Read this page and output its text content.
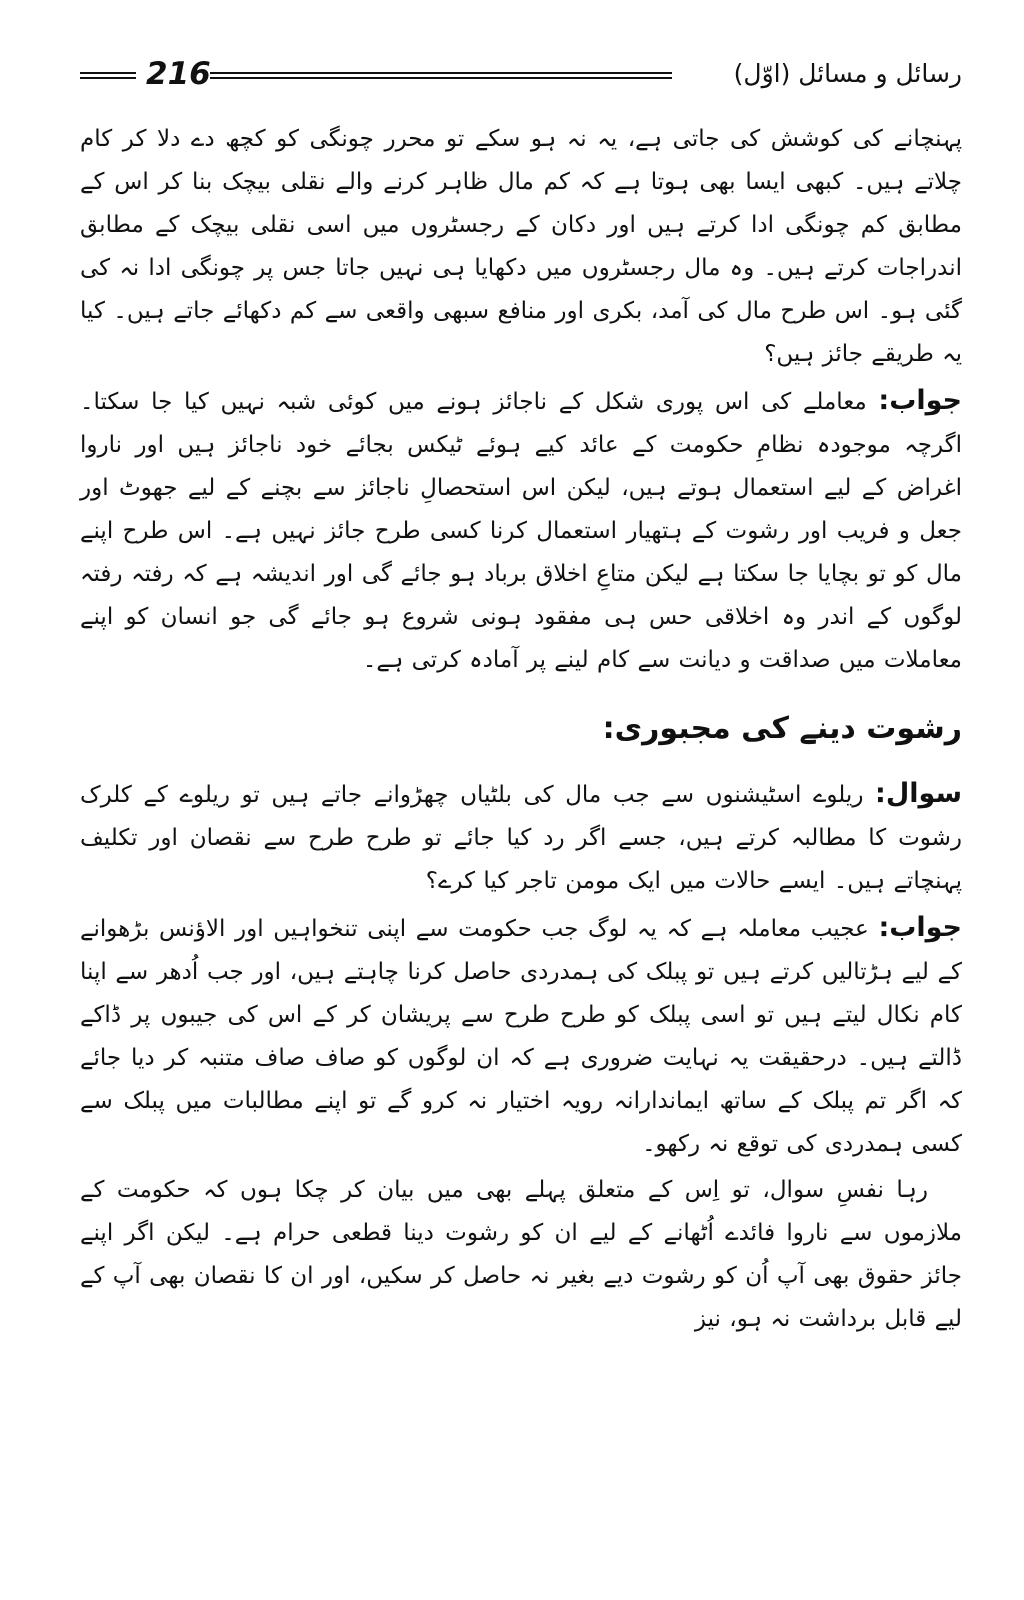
216	رسائل و مسائل (اوّل)

پہنچانے کی کوشش کی جاتی ہے، یہ نہ ہو سکے تو محرر چونگی کو کچھ دے دلا کر کام چلاتے ہیں۔ کبھی ایسا بھی ہوتا ہے کہ کم مال ظاہر کرنے والے نقلی بیچک بنا کر اس کے مطابق کم چونگی ادا کرتے ہیں اور دکان کے رجسٹروں میں اسی نقلی بیچک کے مطابق اندراجات کرتے ہیں۔ وہ مال رجسٹروں میں دکھایا ہی نہیں جاتا جس پر چونگی ادا نہ کی گئی ہو۔ اس طرح مال کی آمد، بکری اور منافع سبھی واقعی سے کم دکھائے جاتے ہیں۔ کیا یہ طریقے جائز ہیں؟

جواب: معاملے کی اس پوری شکل کے ناجائز ہونے میں کوئی شبہ نہیں کیا جا سکتا۔ اگرچہ موجودہ نظامِ حکومت کے عائد کیے ہوئے ٹیکس بجائے خود ناجائز ہیں اور ناروا اغراض کے لیے استعمال ہوتے ہیں، لیکن اس استحصالِ ناجائز سے بچنے کے لیے جھوٹ اور جعل و فریب اور رشوت کے ہتھیار استعمال کرنا کسی طرح جائز نہیں ہے۔ اس طرح اپنے مال کو تو بچایا جا سکتا ہے لیکن متاعِ اخلاق برباد ہو جائے گی اور اندیشہ ہے کہ رفتہ رفتہ لوگوں کے اندر وہ اخلاقی حس ہی مفقود ہونی شروع ہو جائے گی جو انسان کو اپنے معاملات میں صداقت و دیانت سے کام لینے پر آمادہ کرتی ہے۔

رشوت دینے کی مجبوری:

سوال: ریلوے اسٹیشنوں سے جب مال کی بلٹیاں چھڑوانے جاتے ہیں تو ریلوے کے کلرک رشوت کا مطالبہ کرتے ہیں، جسے اگر رد کیا جائے تو طرح طرح سے نقصان اور تکلیف پہنچاتے ہیں۔ ایسے حالات میں ایک مومن تاجر کیا کرے؟

جواب: عجیب معاملہ ہے کہ یہ لوگ جب حکومت سے اپنی تنخواہیں اور الاؤنس بڑھوانے کے لیے ہڑتالیں کرتے ہیں تو پبلک کی ہمدردی حاصل کرنا چاہتے ہیں، اور جب اُدھر سے اپنا کام نکال لیتے ہیں تو اسی پبلک کو طرح طرح سے پریشان کر کے اس کی جیبوں پر ڈاکے ڈالتے ہیں۔ درحقیقت یہ نہایت ضروری ہے کہ ان لوگوں کو صاف صاف متنبہ کر دیا جائے کہ اگر تم پبلک کے ساتھ ایماندارانہ رویہ اختیار نہ کرو گے تو اپنے مطالبات میں پبلک سے کسی ہمدردی کی توقع نہ رکھو۔

رہا نفسِ سوال، تو اِس کے متعلق پہلے بھی میں بیان کر چکا ہوں کہ حکومت کے ملازموں سے ناروا فائدے اُٹھانے کے لیے ان کو رشوت دینا قطعی حرام ہے۔ لیکن اگر اپنے جائز حقوق بھی آپ اُن کو رشوت دیے بغیر نہ حاصل کر سکیں، اور ان کا نقصان بھی آپ کے لیے قابل برداشت نہ ہو، نیز
